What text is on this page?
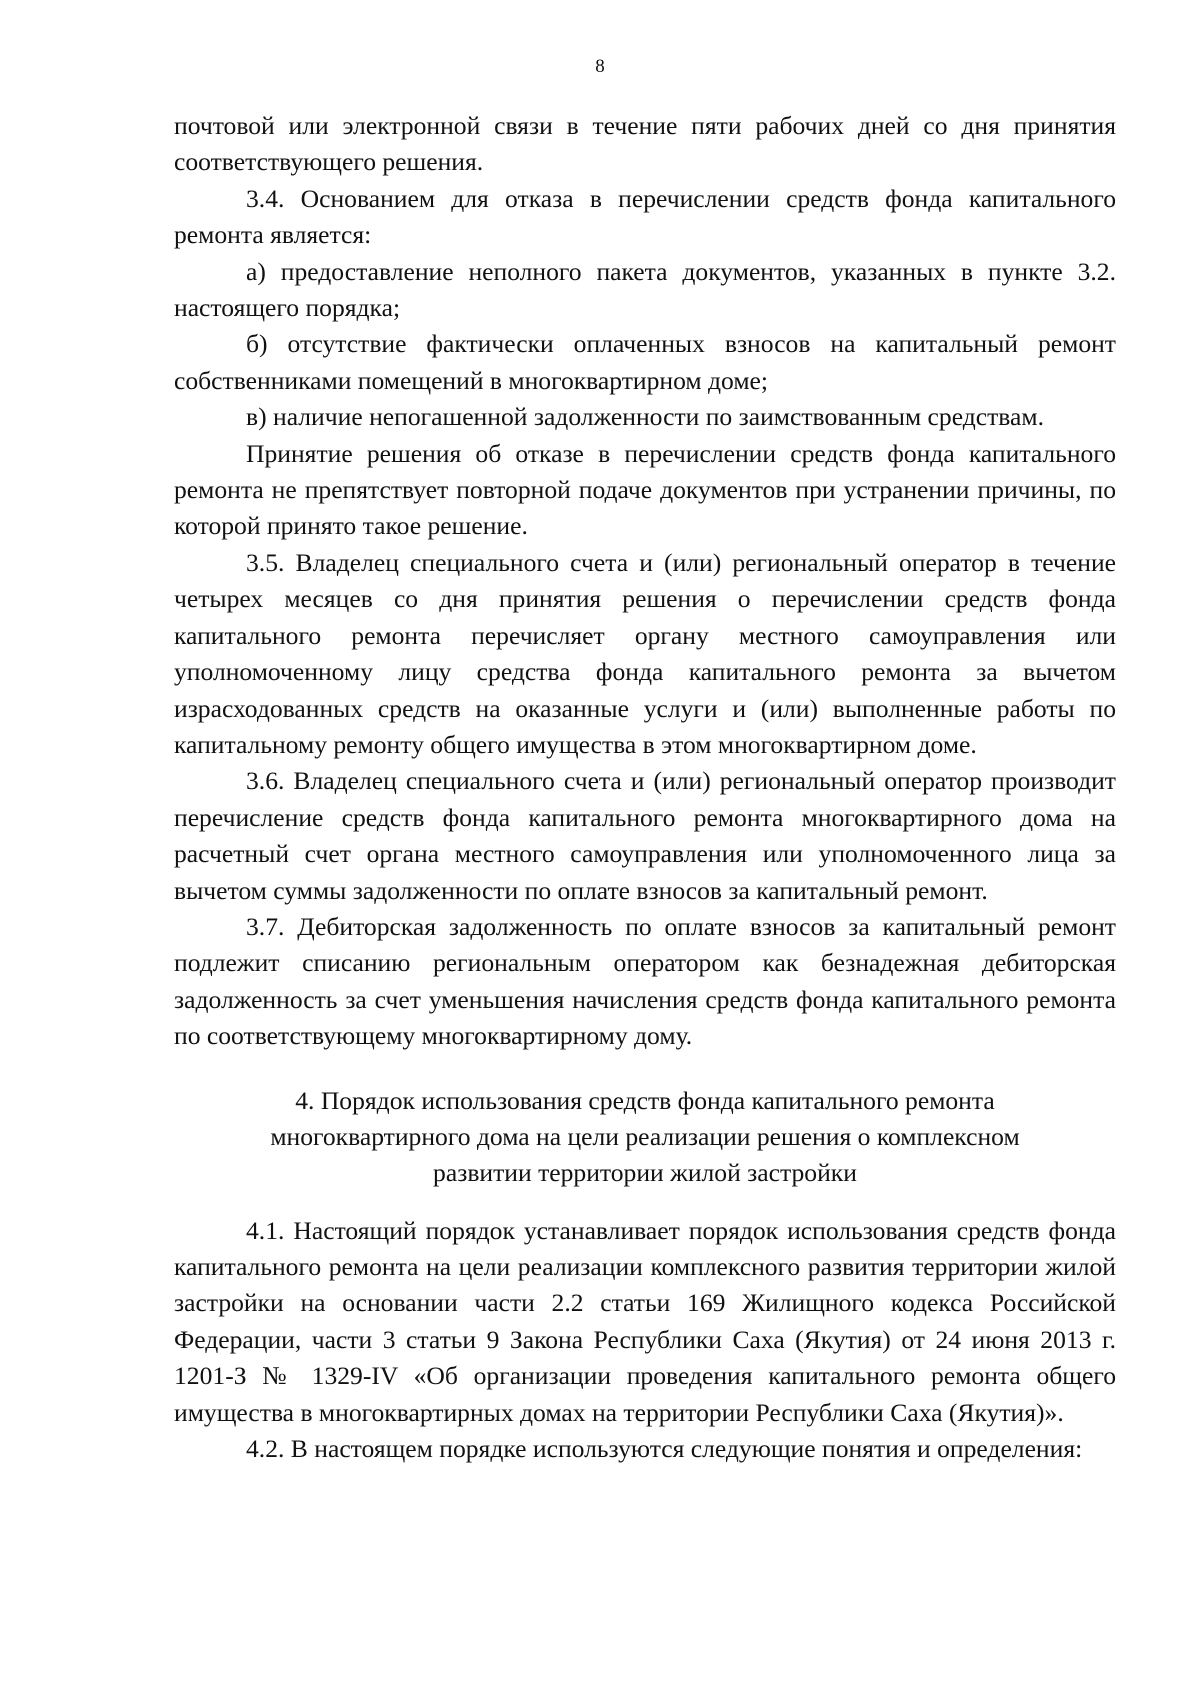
8

почтовой или электронной связи в течение пяти рабочих дней со дня принятия соответствующего решения.

3.4. Основанием для отказа в перечислении средств фонда капитального ремонта является:

а) предоставление неполного пакета документов, указанных в пункте 3.2. настоящего порядка;

б) отсутствие фактически оплаченных взносов на капитальный ремонт собственниками помещений в многоквартирном доме;

в) наличие непогашенной задолженности по заимствованным средствам.

Принятие решения об отказе в перечислении средств фонда капитального ремонта не препятствует повторной подаче документов при устранении причины, по которой принято такое решение.

3.5. Владелец специального счета и (или) региональный оператор в течение четырех месяцев со дня принятия решения о перечислении средств фонда капитального ремонта перечисляет органу местного самоуправления или уполномоченному лицу средства фонда капитального ремонта за вычетом израсходованных средств на оказанные услуги и (или) выполненные работы по капитальному ремонту общего имущества в этом многоквартирном доме.

3.6. Владелец специального счета и (или) региональный оператор производит перечисление средств фонда капитального ремонта многоквартирного дома на расчетный счет органа местного самоуправления или уполномоченного лица за вычетом суммы задолженности по оплате взносов за капитальный ремонт.

3.7. Дебиторская задолженность по оплате взносов за капитальный ремонт подлежит списанию региональным оператором как безнадежная дебиторская задолженность за счет уменьшения начисления средств фонда капитального ремонта по соответствующему многоквартирному дому.

4. Порядок использования средств фонда капитального ремонта
многоквартирного дома на цели реализации решения о комплексном
развитии территории жилой застройки

4.1. Настоящий порядок устанавливает порядок использования средств фонда капитального ремонта на цели реализации комплексного развития территории жилой застройки на основании части 2.2 статьи 169 Жилищного кодекса Российской Федерации, части 3 статьи 9 Закона Республики Саха (Якутия) от 24 июня 2013 г. 1201-З № 1329-IV «Об организации проведения капитального ремонта общего имущества в многоквартирных домах на территории Республики Саха (Якутия)».

4.2. В настоящем порядке используются следующие понятия и определения:
